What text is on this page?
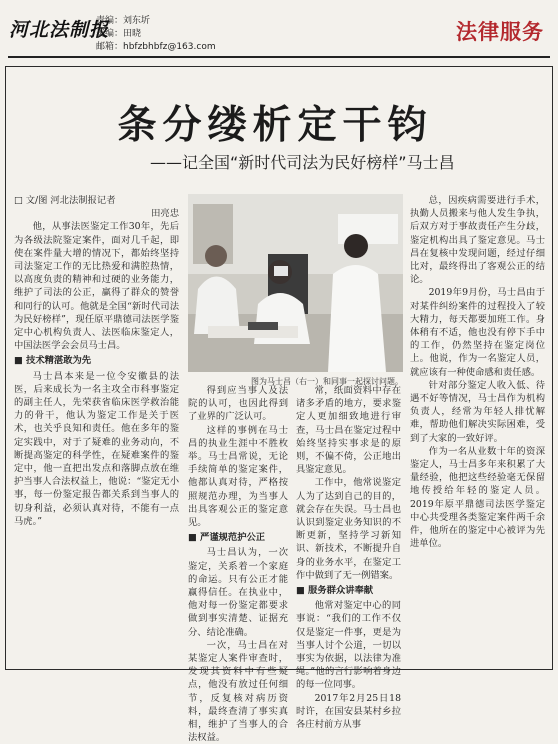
河北法制报
责编：刘东圻
美编：田晓
邮箱：hbfzbhbfz@163.com
法律服务
条分缕析定干钧
——记全国“新时代司法为民好榜样”马士昌

□ 文/图 河北法制报记者

田亮忠

他，从事法医鉴定工作30年，先后为各级法院鉴定案件，面对几千起，即使在案件量大增的情况下，都始终坚持司法鉴定工作的无比热爱和满腔热情，以高度负责的精神和过硬的业务能力，维护了司法的公正，赢得了群众的赞誉和同行的认可。他就是全国“新时代司法为民好榜样”，现任原平鼎德司法医学鉴定中心机构负责人、法医临床鉴定人，中国法医学会会员马士昌。

■ 技术精湛敢为先

马士昌本来是一位令安徽县的法医，后来成长为一名主攻全市科事鉴定的副主任人，先荣获省临床医学救治能力的骨干，他认为鉴定工作是关于医术，也关乎良知和责任。他在多年的鉴定实践中，对于了疑难的业务动向，不断提高鉴定的科学性，在疑难案件的鉴定中，他一直把出发点和落脚点放在维护当事人合法权益上，他说：“鉴定无小事，每一份鉴定报告都关系到当事人的切身利益，必须认真对待，不能有一点马虎。”

图为马士昌（右一）和同事一起探讨问题。

得到应当事人及法院的认可，也因此得到了业界的广泛认可。

这样的事例在马士昌的执业生涯中不胜枚举。马士昌常说，无论手续简单的鉴定案件，他都认真对待，严格按照规范办理，为当事人出具客观公正的鉴定意见。

■ 严谨规范护公正

马士昌认为，一次鉴定，关系着一个家庭的命运。只有公正才能赢得信任。在执业中，他对每一份鉴定都要求做到事实清楚、证据充分、结论准确。

一次，马士昌在对某鉴定人案件审查时，发现其资料中有些疑点，他没有放过任何细节，反复核对病历资料，最终查清了事实真相，维护了当事人的合法权益。

常，纸面资料中存在诸多矛盾的地方，要求鉴定人更加细致地进行审查，马士昌在鉴定过程中始终坚持实事求是的原则，不偏不倚，公正地出具鉴定意见。

工作中，他常说鉴定人为了达到自己的目的，就会存在失误。马士昌也认识到鉴定业务知识的不断更新，坚持学习新知识、新技术，不断提升自身的业务水平，在鉴定工作中做到了无一例错案。

■ 服务群众讲奉献

他常对鉴定中心的同事说：“我们的工作不仅仅是鉴定一件事，更是为当事人讨个公道，一切以事实为依据，以法律为准绳。”他的言行影响着身边的每一位同事。

2017年2月25日18时许，在国安县某村乡拉各庄村前方从事

总，因疾病需要进行手术，执勤人员搬来与他人发生争执，后双方对于事故责任产生分歧，鉴定机构出具了鉴定意见。马士昌在复核中发现问题，经过仔细比对，最终得出了客观公正的结论。

2019年9月份，马士昌由于对某件纠纷案件的过程投入了较大精力，每天都要加班工作。身体稍有不适，他也没有停下手中的工作，仍然坚持在鉴定岗位上。他说，作为一名鉴定人员，就应该有一种使命感和责任感。

针对部分鉴定人收入低、待遇不好等情况，马士昌作为机构负责人，经常为年轻人排忧解难，帮助他们解决实际困难，受到了大家的一致好评。

作为一名从业数十年的资深鉴定人，马士昌多年来积累了大量经验，他把这些经验毫无保留地传授给年轻的鉴定人员。2019年原平鼎德司法医学鉴定中心共受理各类鉴定案件两千余件，他所在的鉴定中心被评为先进单位。
